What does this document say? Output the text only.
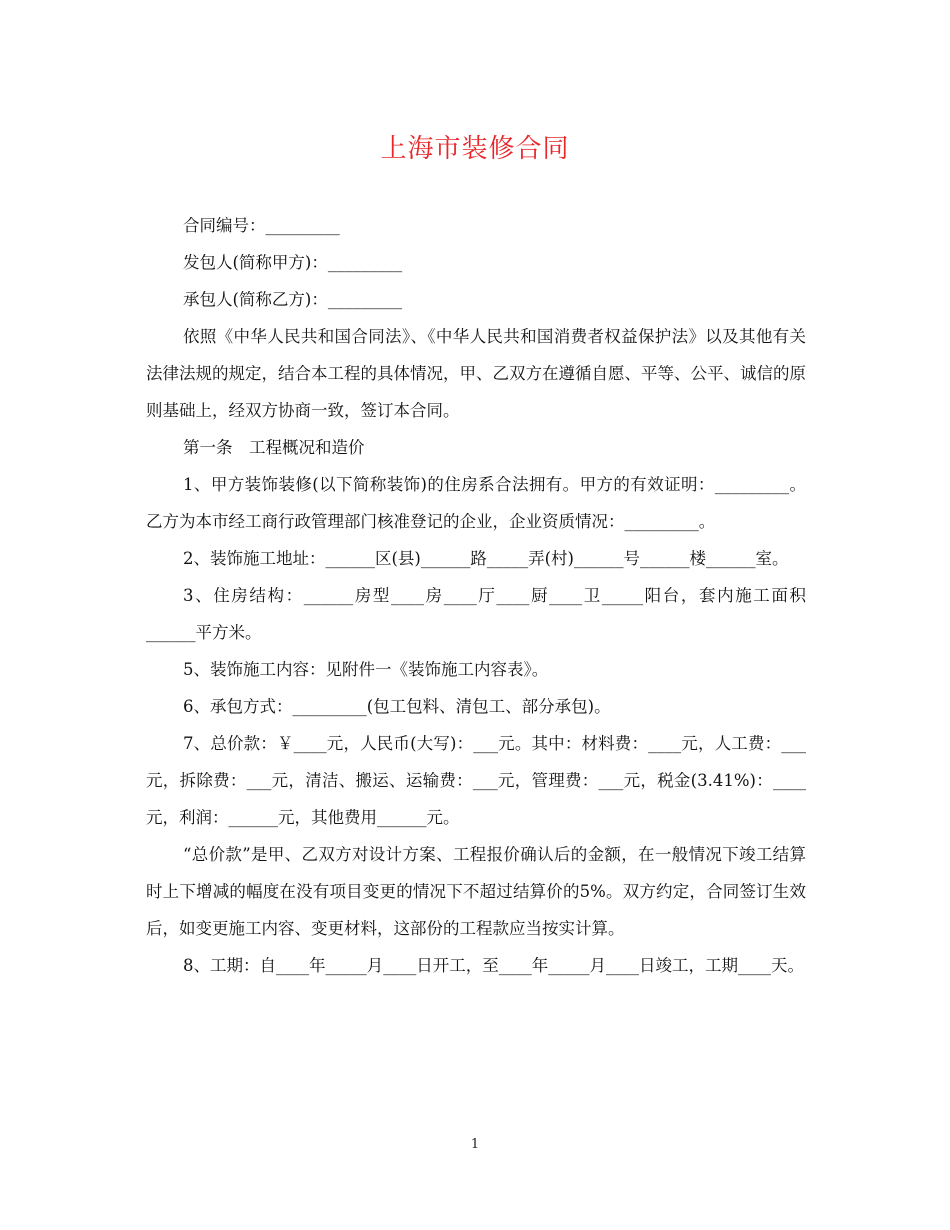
上海市装修合同

合同编号：_________

发包人(简称甲方)：_________

承包人(简称乙方)：_________

依照《中华人民共和国合同法》、《中华人民共和国消费者权益保护法》以及其他有关法律法规的规定，结合本工程的具体情况，甲、乙双方在遵循自愿、平等、公平、诚信的原则基础上，经双方协商一致，签订本合同。

第一条　工程概况和造价

1、甲方装饰装修(以下简称装饰)的住房系合法拥有。甲方的有效证明：_________。乙方为本市经工商行政管理部门核准登记的企业，企业资质情况：_________。

2、装饰施工地址：______区(县)______路_____弄(村)______号______楼______室。

3、住房结构：______房型____房____厅____厨____卫_____阳台，套内施工面积______平方米。

5、装饰施工内容：见附件一《装饰施工内容表》。

6、承包方式：_________(包工包料、清包工、部分承包)。

7、总价款：￥____元，人民币(大写)：___元。其中：材料费：____元，人工费：___元，拆除费：___元，清洁、搬运、运输费：___元，管理费：___元，税金(3.41%)：____元，利润：______元，其他费用______元。

“总价款”是甲、乙双方对设计方案、工程报价确认后的金额，在一般情况下竣工结算时上下增减的幅度在没有项目变更的情况下不超过结算价的5%。双方约定，合同签订生效后，如变更施工内容、变更材料，这部份的工程款应当按实计算。

8、工期：自____年_____月____日开工，至____年_____月____日竣工，工期____天。

1
